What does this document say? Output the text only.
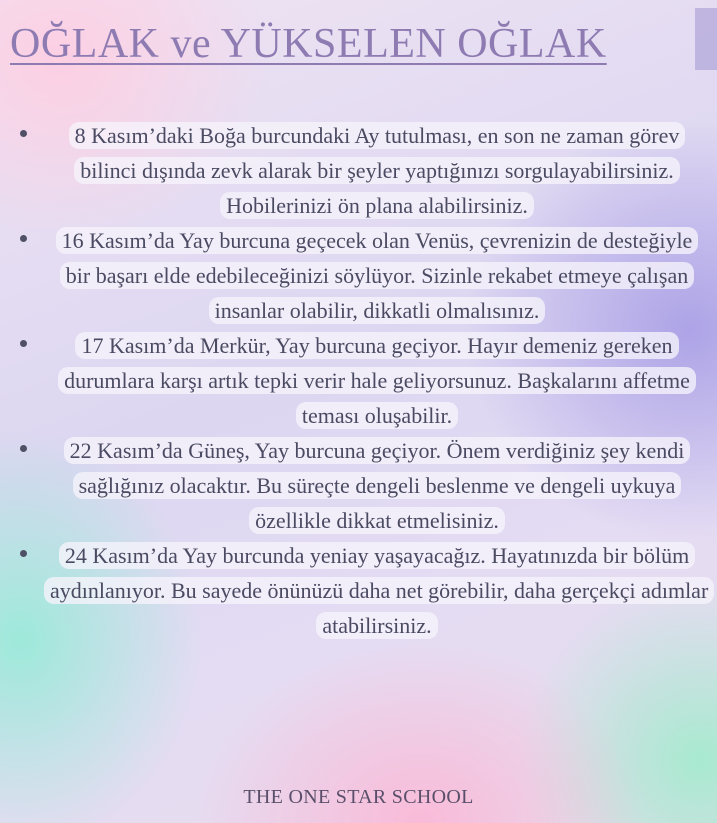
OĞLAK ve YÜKSELEN OĞLAK

8 Kasım’daki Boğa burcundaki Ay tutulması, en son ne zaman görev bilinci dışında zevk alarak bir şeyler yaptığınızı sorgulayabilirsiniz. Hobilerinizi ön plana alabilirsiniz.

16 Kasım’da Yay burcuna geçecek olan Venüs, çevrenizin de desteğiyle bir başarı elde edebileceğinizi söylüyor. Sizinle rekabet etmeye çalışan insanlar olabilir, dikkatli olmalısınız.

17 Kasım’da Merkür, Yay burcuna geçiyor. Hayır demeniz gereken durumlara karşı artık tepki verir hale geliyorsunuz. Başkalarını affetme teması oluşabilir.

22 Kasım’da Güneş, Yay burcuna geçiyor. Önem verdiğiniz şey kendi sağlığınız olacaktır. Bu süreçte dengeli beslenme ve dengeli uykuya özellikle dikkat etmelisiniz.

24 Kasım’da Yay burcunda yeniay yaşayacağız. Hayatınızda bir bölüm aydınlanıyor. Bu sayede önünüzü daha net görebilir, daha gerçekçi adımlar atabilirsiniz.

THE ONE STAR SCHOOL
